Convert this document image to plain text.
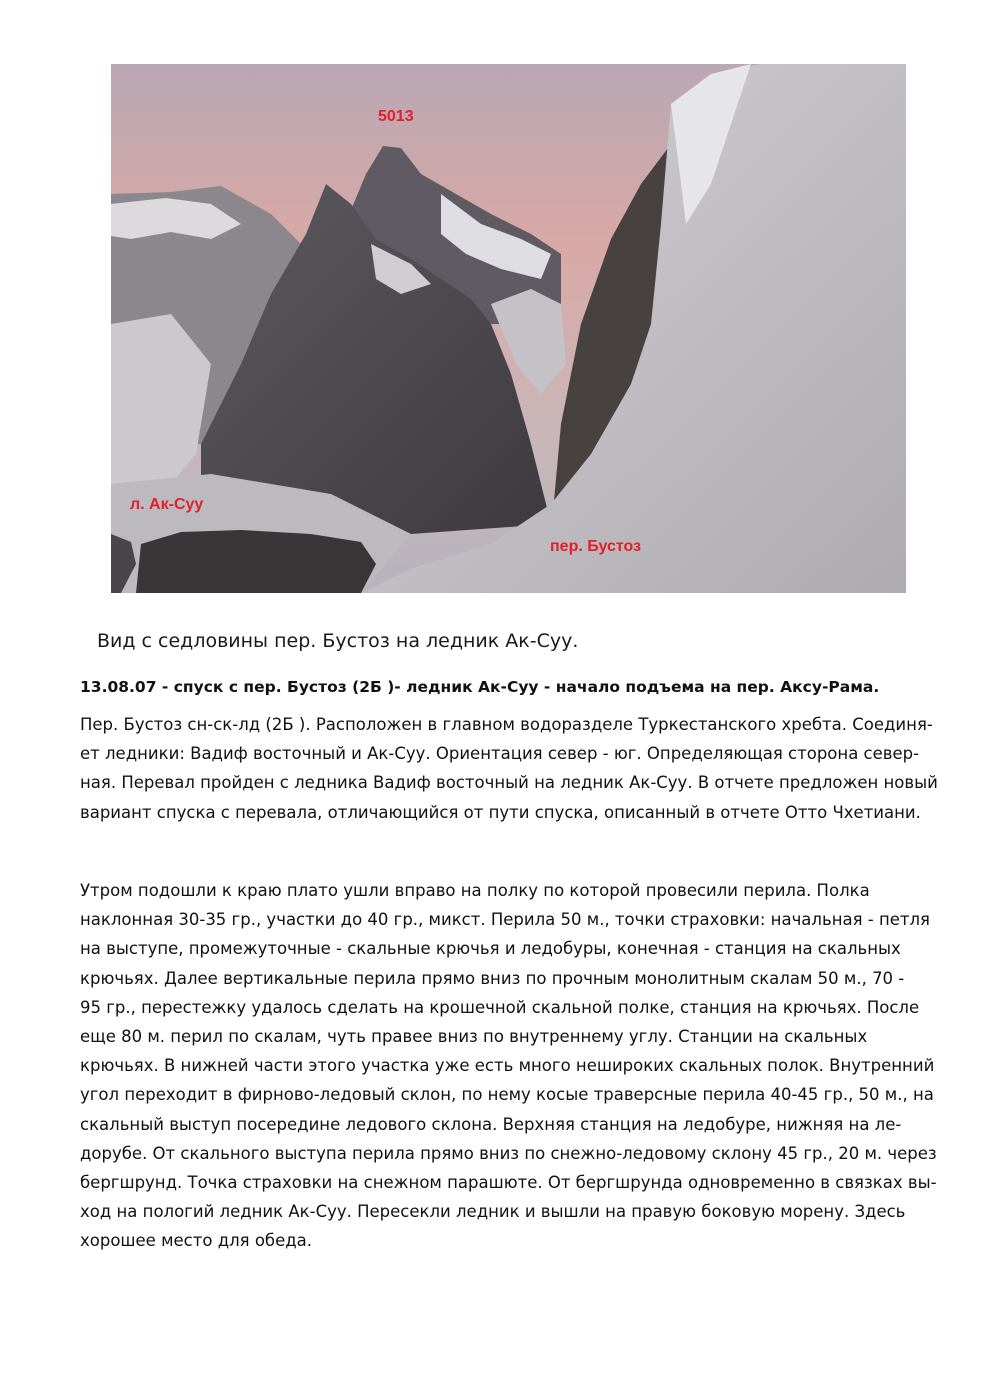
5013
л. Ак-Суу
пер. Бустоз
Вид с седловины пер. Бустоз на ледник Ак-Суу.
13.08.07 - спуск с пер. Бустоз (2Б )- ледник Ак-Суу - начало подъема на пер. Аксу-Рама.
Пер. Бустоз сн-ск-лд (2Б ). Расположен в главном водоразделе Туркестанского хребта. Соединя-
ет ледники: Вадиф восточный и Ак-Суу. Ориентация север - юг. Определяющая сторона север-
ная. Перевал пройден с ледника Вадиф восточный на ледник Ак-Суу. В отчете предложен новый
вариант спуска с перевала, отличающийся от пути спуска, описанный в отчете Отто Чхетиани.
Утром подошли к краю плато ушли вправо на полку по которой провесили перила. Полка
наклонная 30-35 гр., участки до 40 гр., микст. Перила 50 м., точки страховки: начальная - петля
на выступе, промежуточные - скальные крючья и ледобуры, конечная - станция на скальных
крючьях. Далее вертикальные перила прямо вниз по прочным монолитным скалам 50 м., 70 -
95 гр., перестежку удалось сделать на крошечной скальной полке, станция на крючьях. После
еще 80 м. перил по скалам, чуть правее вниз по внутреннему углу. Станции на скальных
крючьях. В нижней части этого участка уже есть много неширoких скальных полок. Внутренний
угол переходит в фирново-ледовый склон, по нему косые траверсные перила 40-45 гр., 50 м., на
скальный выступ посередине ледового склона. Верхняя станция на ледобуре, нижняя на ле-
дорубе. От скального выступа перила прямо вниз по снежно-ледовому склону 45 гр., 20 м. через
бергшрунд. Точка страховки на снежном парашюте. От бергшрунда одновременно в связках вы-
ход на пологий ледник Ак-Суу. Пересекли ледник и вышли на правую боковую морену. Здесь
хорошее место для обеда.
